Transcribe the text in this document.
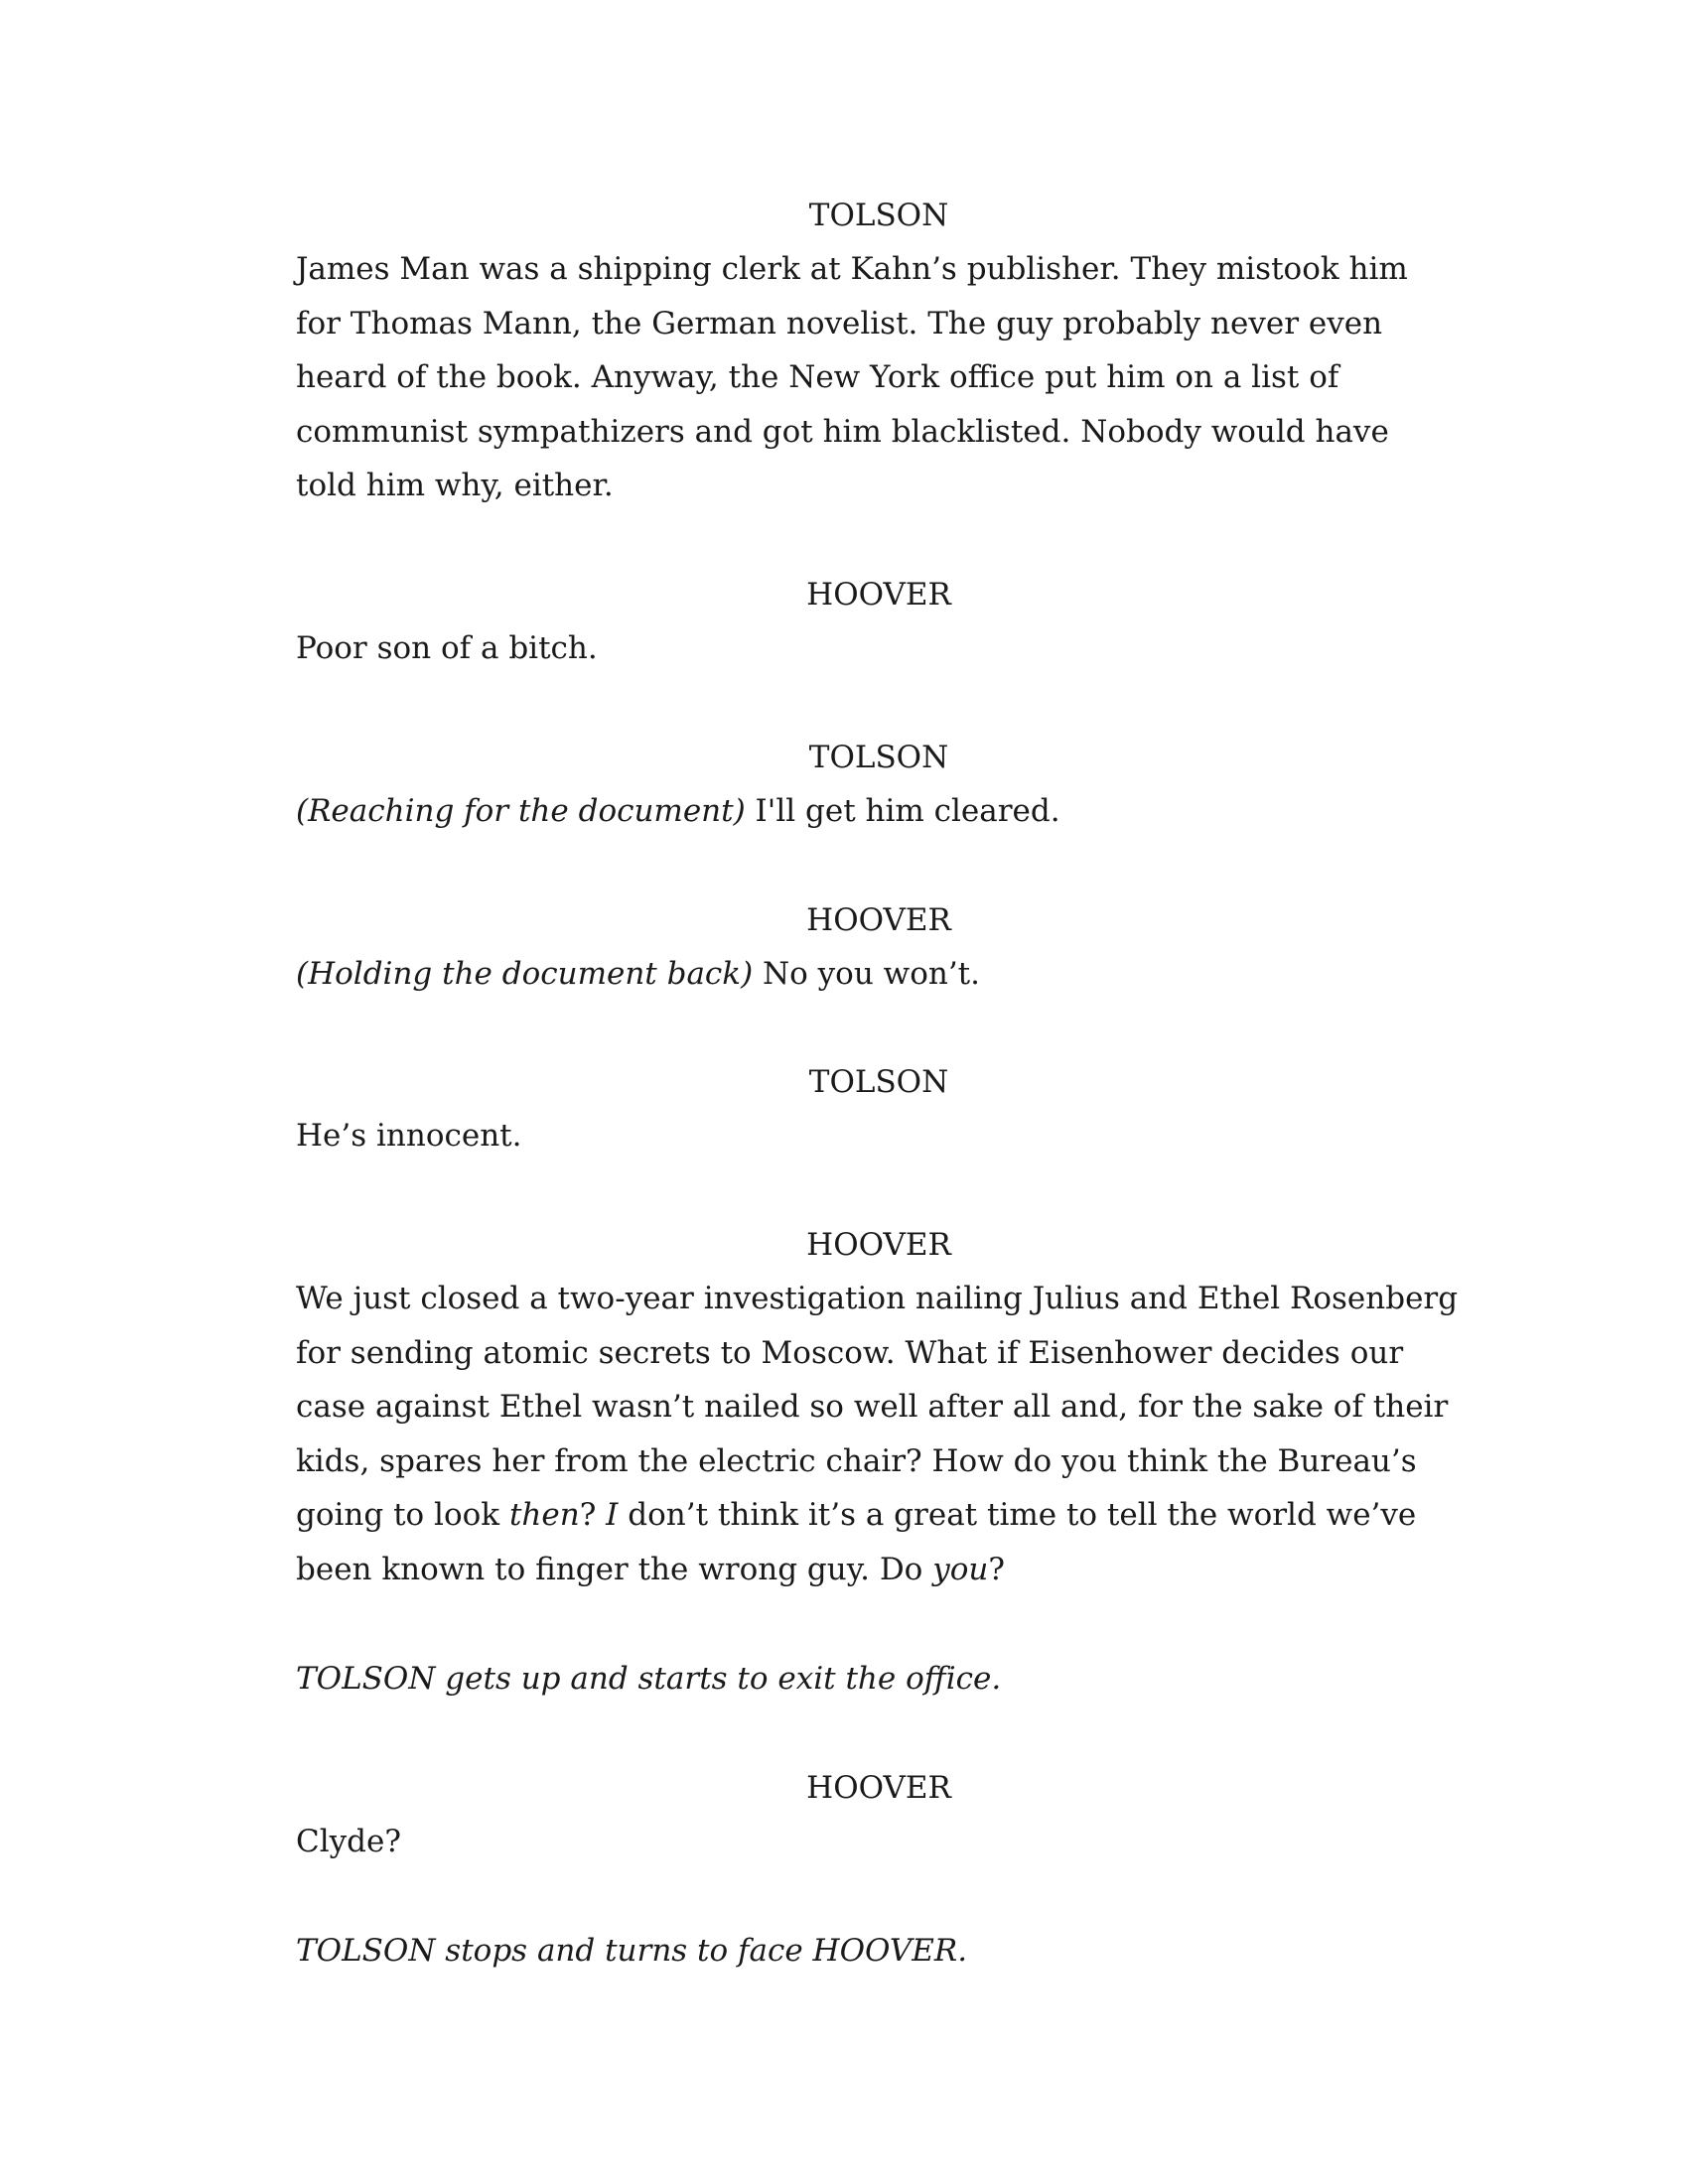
TOLSON

James Man was a shipping clerk at Kahn’s publisher. They mistook him
for Thomas Mann, the German novelist. The guy probably never even
heard of the book. Anyway, the New York office put him on a list of
communist sympathizers and got him blacklisted. Nobody would have
told him why, either.

HOOVER

Poor son of a bitch.

TOLSON

(Reaching for the document) I'll get him cleared.

HOOVER

(Holding the document back) No you won’t.

TOLSON

He’s innocent.

HOOVER

We just closed a two-year investigation nailing Julius and Ethel Rosenberg
for sending atomic secrets to Moscow. What if Eisenhower decides our
case against Ethel wasn’t nailed so well after all and, for the sake of their
kids, spares her from the electric chair? How do you think the Bureau’s
going to look then? I don’t think it’s a great time to tell the world we’ve
been known to finger the wrong guy. Do you?

TOLSON gets up and starts to exit the office.

HOOVER

Clyde?

TOLSON stops and turns to face HOOVER.
